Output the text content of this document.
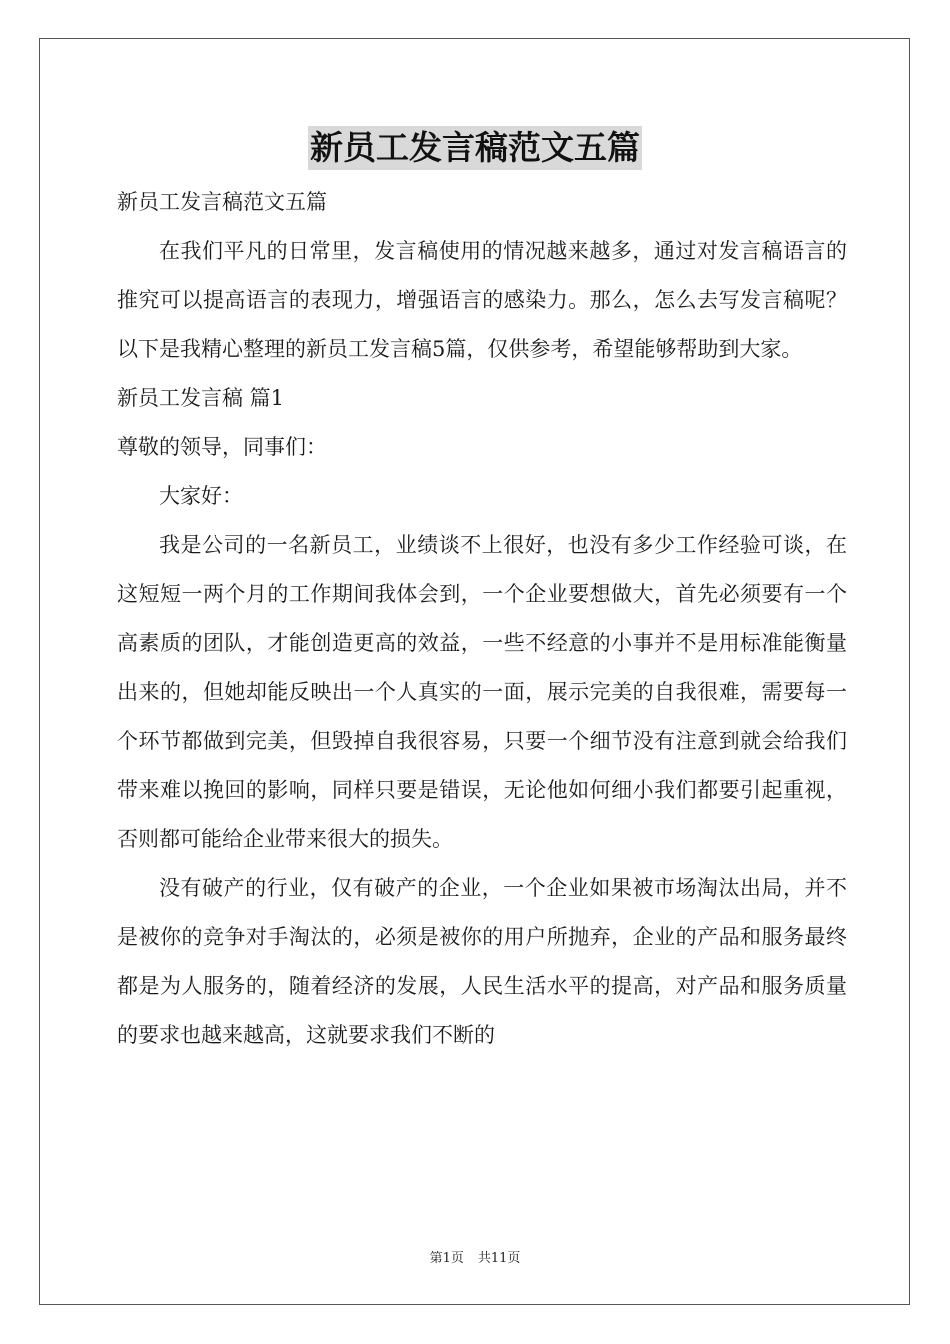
新员工发言稿范文五篇

新员工发言稿范文五篇

在我们平凡的日常里，发言稿使用的情况越来越多，通过对发言稿语言的推究可以提高语言的表现力，增强语言的感染力。那么，怎么去写发言稿呢？以下是我精心整理的新员工发言稿5篇，仅供参考，希望能够帮助到大家。

新员工发言稿 篇1

尊敬的领导，同事们：

大家好：

我是公司的一名新员工，业绩谈不上很好，也没有多少工作经验可谈，在这短短一两个月的工作期间我体会到，一个企业要想做大，首先必须要有一个高素质的团队，才能创造更高的效益，一些不经意的小事并不是用标准能衡量出来的，但她却能反映出一个人真实的一面，展示完美的自我很难，需要每一个环节都做到完美，但毁掉自我很容易，只要一个细节没有注意到就会给我们带来难以挽回的影响，同样只要是错误，无论他如何细小我们都要引起重视，否则都可能给企业带来很大的损失。

没有破产的行业，仅有破产的企业，一个企业如果被市场淘汰出局，并不是被你的竞争对手淘汰的，必须是被你的用户所抛弃，企业的产品和服务最终都是为人服务的，随着经济的发展，人民生活水平的提高，对产品和服务质量的要求也越来越高，这就要求我们不断的

第1页 共11页
